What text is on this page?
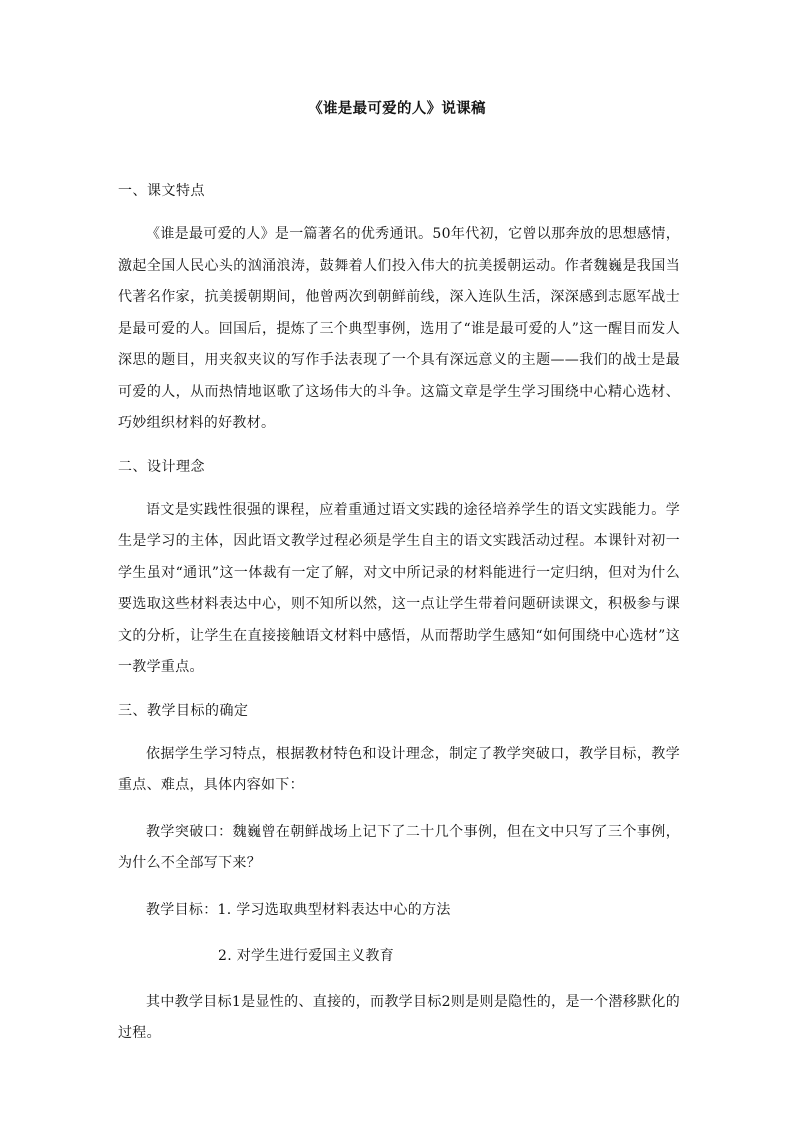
《谁是最可爱的人》说课稿

一、课文特点

《谁是最可爱的人》是一篇著名的优秀通讯。50年代初，它曾以那奔放的思想感情，激起全国人民心头的汹涌浪涛，鼓舞着人们投入伟大的抗美援朝运动。作者魏巍是我国当代著名作家，抗美援朝期间，他曾两次到朝鲜前线，深入连队生活，深深感到志愿军战士是最可爱的人。回国后，提炼了三个典型事例，选用了“谁是最可爱的人”这一醒目而发人深思的题目，用夹叙夹议的写作手法表现了一个具有深远意义的主题——我们的战士是最可爱的人，从而热情地讴歌了这场伟大的斗争。这篇文章是学生学习围绕中心精心选材、巧妙组织材料的好教材。

二、设计理念

语文是实践性很强的课程，应着重通过语文实践的途径培养学生的语文实践能力。学生是学习的主体，因此语文教学过程必须是学生自主的语文实践活动过程。本课针对初一学生虽对“通讯”这一体裁有一定了解，对文中所记录的材料能进行一定归纳，但对为什么要选取这些材料表达中心，则不知所以然，这一点让学生带着问题研读课文，积极参与课文的分析，让学生在直接接触语文材料中感悟，从而帮助学生感知“如何围绕中心选材”这一教学重点。

三、教学目标的确定

依据学生学习特点，根据教材特色和设计理念，制定了教学突破口，教学目标，教学重点、难点，具体内容如下：

教学突破口：魏巍曾在朝鲜战场上记下了二十几个事例，但在文中只写了三个事例，为什么不全部写下来？

教学目标：1. 学习选取典型材料表达中心的方法

2. 对学生进行爱国主义教育

其中教学目标1是显性的、直接的，而教学目标2则是则是隐性的，是一个潜移默化的过程。
